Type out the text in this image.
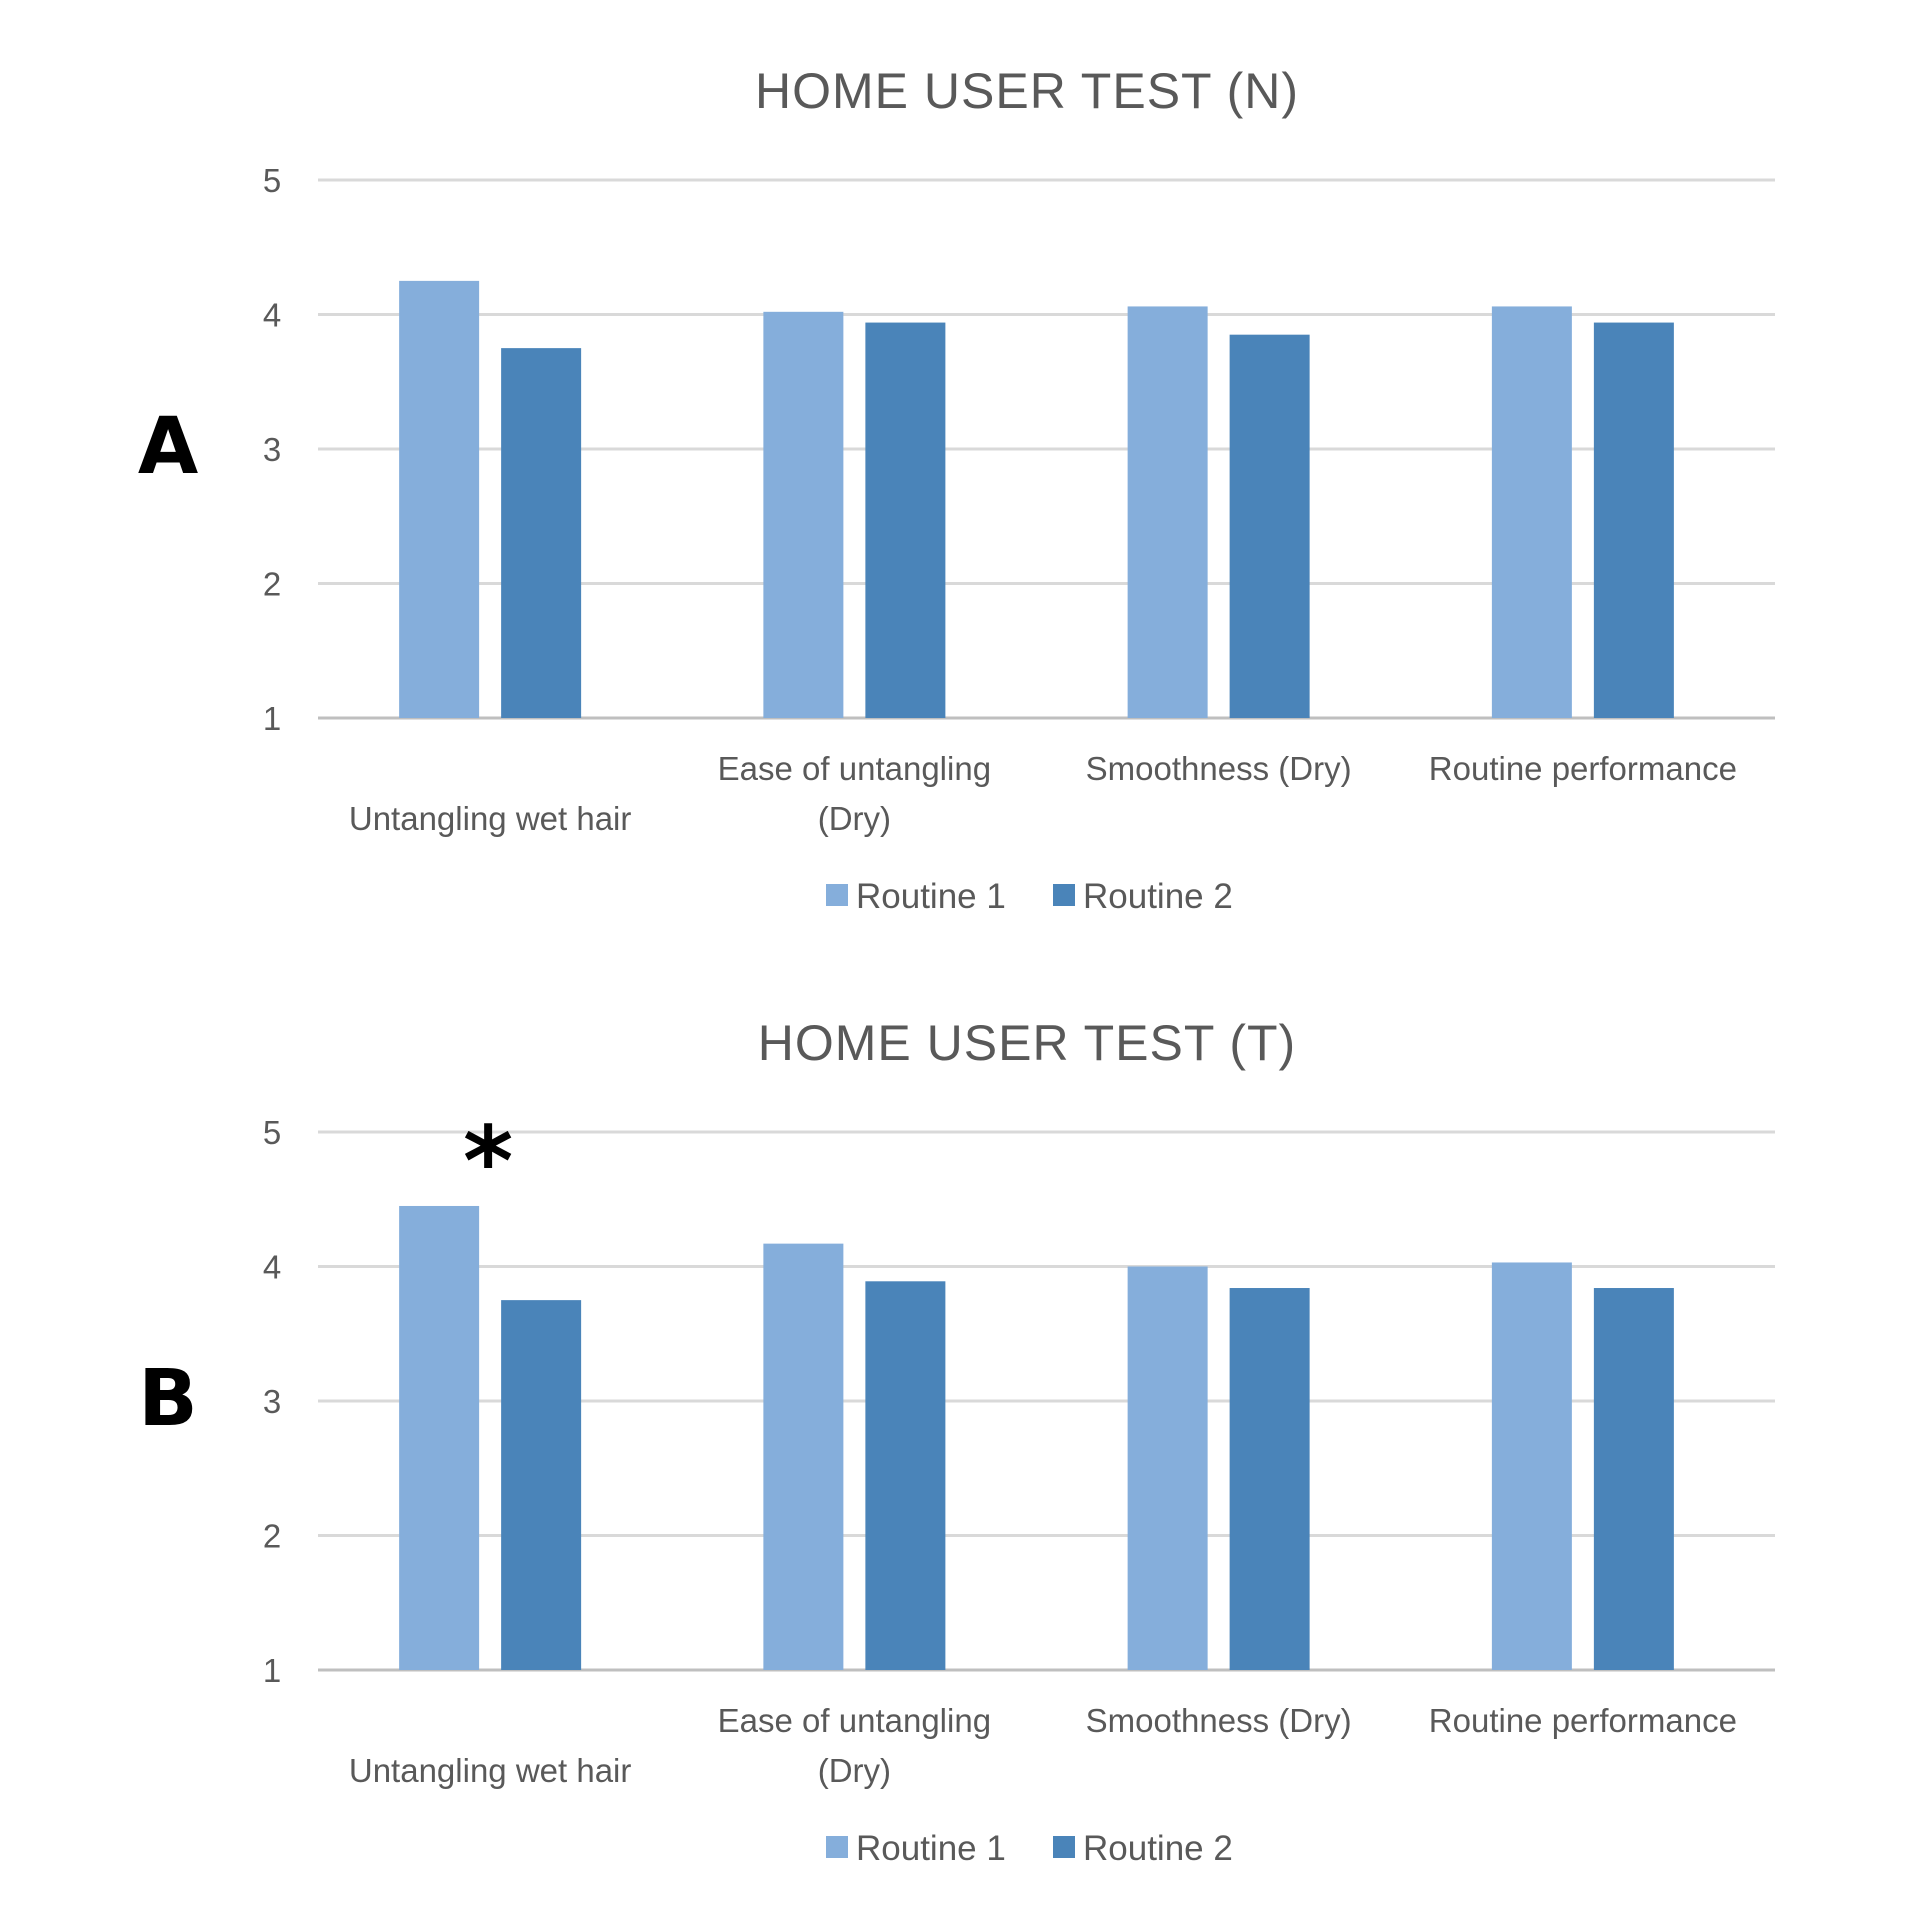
HOME USER TEST (N)
A
1
2
3
4
5
Untangling wet hair
Ease of untangling
(Dry)
Smoothness (Dry) Routine performance
Routine 1 Routine 2
HOME USER TEST (T)
B
1
2
3
4
5
Untangling wet hair
Ease of untangling
(Dry)
Smoothness (Dry) Routine performance
*
Routine 1 Routine 2
